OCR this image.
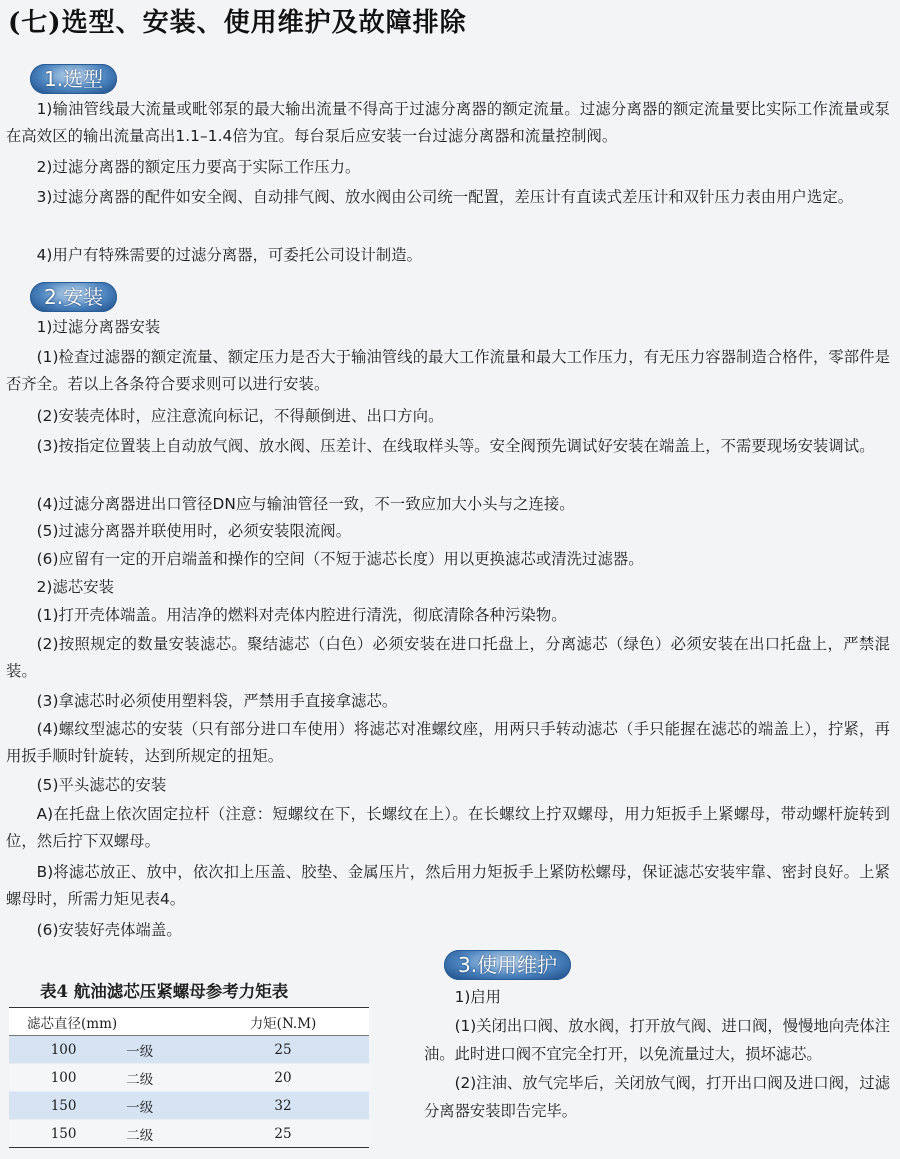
(七)选型、安装、使用维护及故障排除
1.选型

1)输油管线最大流量或毗邻泵的最大输出流量不得高于过滤分离器的额定流量。过滤分离器的额定流量要比实际工作流量或泵在高效区的输出流量高出1.1–1.4倍为宜。每台泵后应安装一台过滤分离器和流量控制阀。

2)过滤分离器的额定压力要高于实际工作压力。

3)过滤分离器的配件如安全阀、自动排气阀、放水阀由公司统一配置，差压计有直读式差压计和双针压力表由用户选定。

4)用户有特殊需要的过滤分离器，可委托公司设计制造。

2.安装

1)过滤分离器安装

(1)检查过滤器的额定流量、额定压力是否大于输油管线的最大工作流量和最大工作压力，有无压力容器制造合格件，零部件是否齐全。若以上各条符合要求则可以进行安装。

(2)安装壳体时，应注意流向标记，不得颠倒进、出口方向。

(3)按指定位置装上自动放气阀、放水阀、压差计、在线取样头等。安全阀预先调试好安装在端盖上，不需要现场安装调试。

(4)过滤分离器进出口管径DN应与输油管径一致，不一致应加大小头与之连接。

(5)过滤分离器并联使用时，必须安装限流阀。

(6)应留有一定的开启端盖和操作的空间（不短于滤芯长度）用以更换滤芯或清洗过滤器。

2)滤芯安装

(1)打开壳体端盖。用洁净的燃料对壳体内腔进行清洗，彻底清除各种污染物。

(2)按照规定的数量安装滤芯。聚结滤芯（白色）必须安装在进口托盘上，分离滤芯（绿色）必须安装在出口托盘上，严禁混装。

(3)拿滤芯时必须使用塑料袋，严禁用手直接拿滤芯。

(4)螺纹型滤芯的安装（只有部分进口车使用）将滤芯对准螺纹座，用两只手转动滤芯（手只能握在滤芯的端盖上），拧紧，再用扳手顺时针旋转，达到所规定的扭矩。

(5)平头滤芯的安装

A)在托盘上依次固定拉杆（注意：短螺纹在下，长螺纹在上）。在长螺纹上拧双螺母，用力矩扳手上紧螺母，带动螺杆旋转到位，然后拧下双螺母。

B)将滤芯放正、放中，依次扣上压盖、胶垫、金属压片，然后用力矩扳手上紧防松螺母，保证滤芯安装牢靠、密封良好。上紧螺母时，所需力矩见表4。

(6)安装好壳体端盖。

表4 航油滤芯压紧螺母参考力矩表
滤芯直径(mm)		力矩(N.M)
100	一级	25
100	二级	20
150	一级	32
150	二级	25
3.使用维护

1)启用

(1)关闭出口阀、放水阀，打开放气阀、进口阀，慢慢地向壳体注油。此时进口阀不宜完全打开，以免流量过大，损坏滤芯。

(2)注油、放气完毕后，关闭放气阀，打开出口阀及进口阀，过滤分离器安装即告完毕。
